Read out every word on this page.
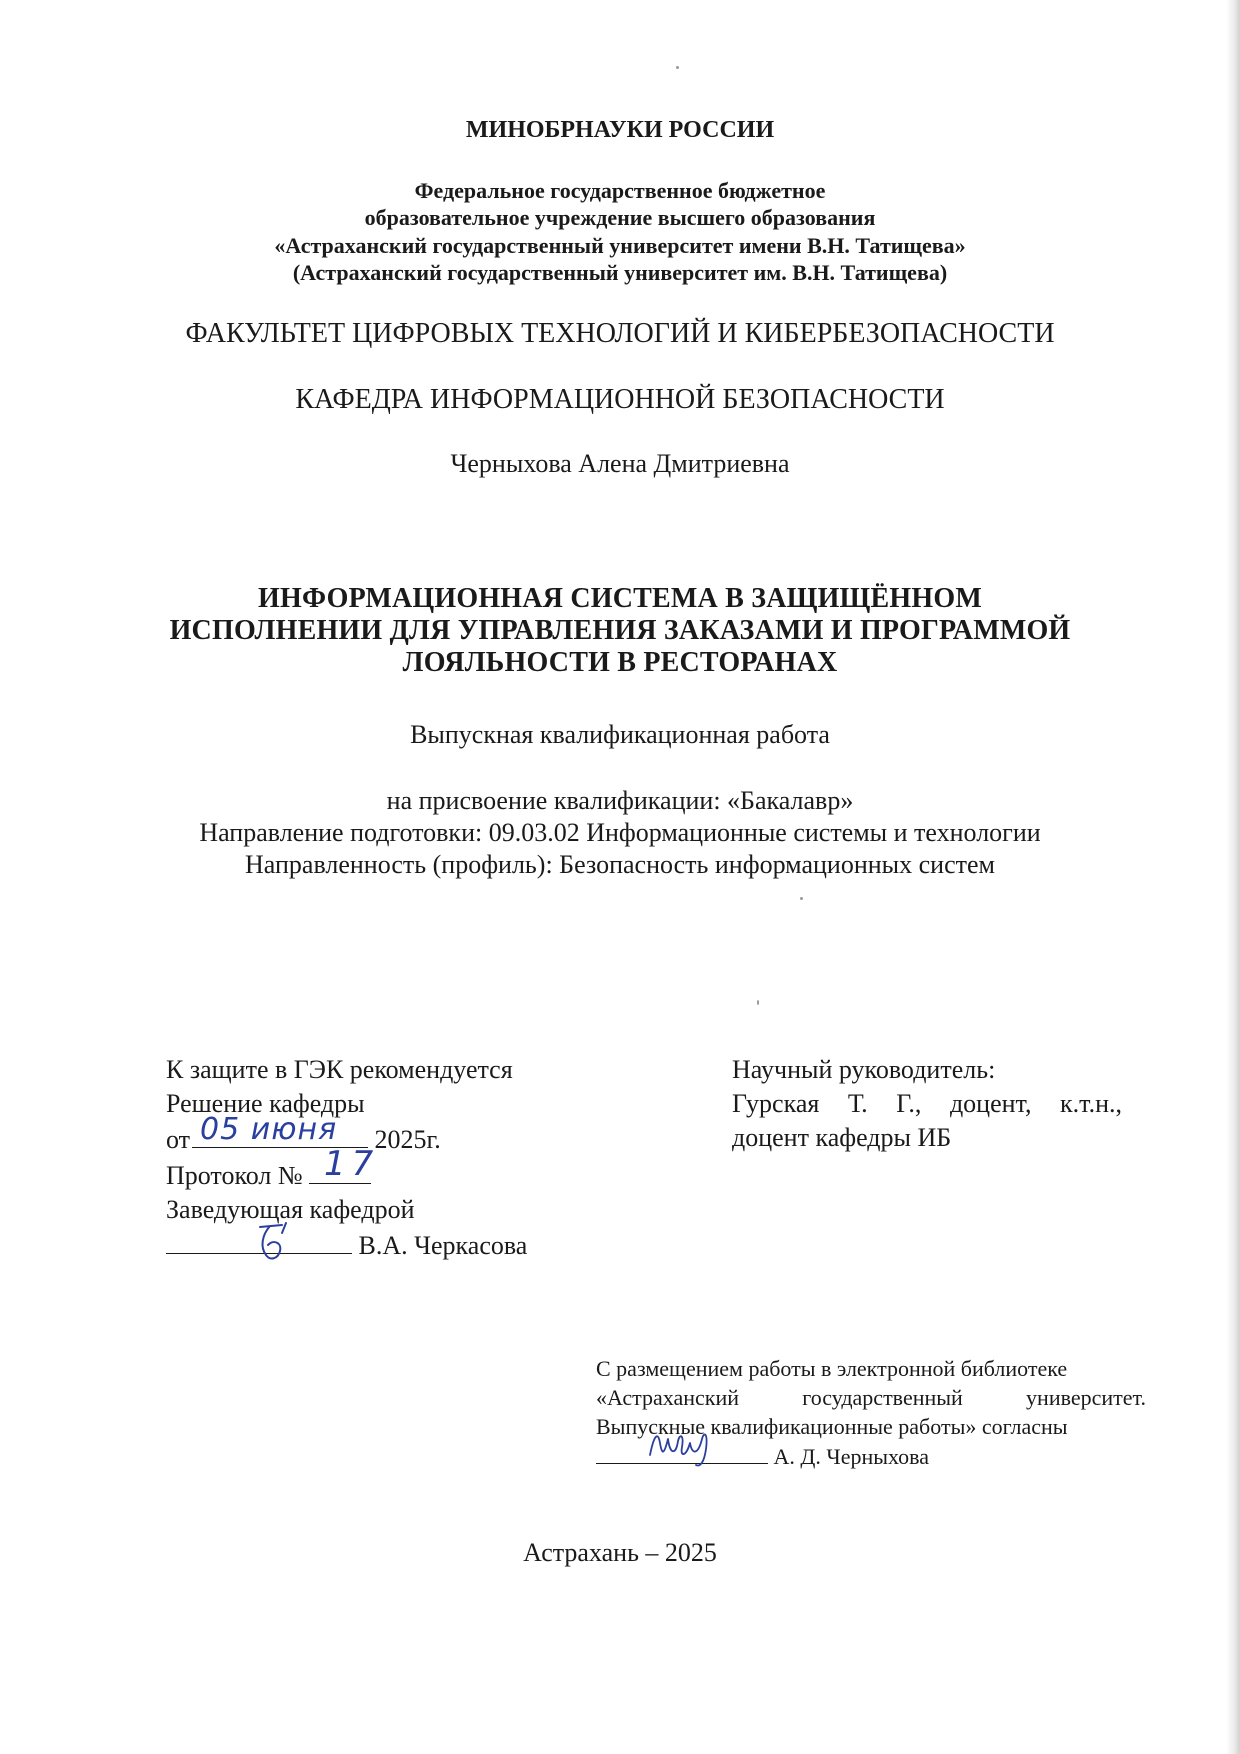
МИНОБРНАУКИ РОССИИ
Федеральное государственное бюджетное
образовательное учреждение высшего образования
«Астраханский государственный университет имени В.Н. Татищева»
(Астраханский государственный университет им. В.Н. Татищева)
ФАКУЛЬТЕТ ЦИФРОВЫХ ТЕХНОЛОГИЙ И КИБЕРБЕЗОПАСНОСТИ
КАФЕДРА ИНФОРМАЦИОННОЙ БЕЗОПАСНОСТИ
Черныхова Алена Дмитриевна
ИНФОРМАЦИОННАЯ СИСТЕМА В ЗАЩИЩЁННОМ
ИСПОЛНЕНИИ ДЛЯ УПРАВЛЕНИЯ ЗАКАЗАМИ И ПРОГРАММОЙ
ЛОЯЛЬНОСТИ В РЕСТОРАНАХ
Выпускная квалификационная работа
на присвоение квалификации: «Бакалавр»
Направление подготовки: 09.03.02 Информационные системы и технологии
Направленность (профиль): Безопасность информационных систем
К защите в ГЭК рекомендуется
Решение кафедры
от	2025г.
05 июня
Протокол № 17
Заведующая кафедрой
В.А. Черкасова
Научный руководитель:
Гурская Т. Г., доцент, к.т.н.,
доцент кафедры ИБ
С размещением работы в электронной библиотеке
«Астраханский	государственный	университет.
Выпускные квалификационные работы» согласны
А. Д. Черныхова
Астрахань – 2025
